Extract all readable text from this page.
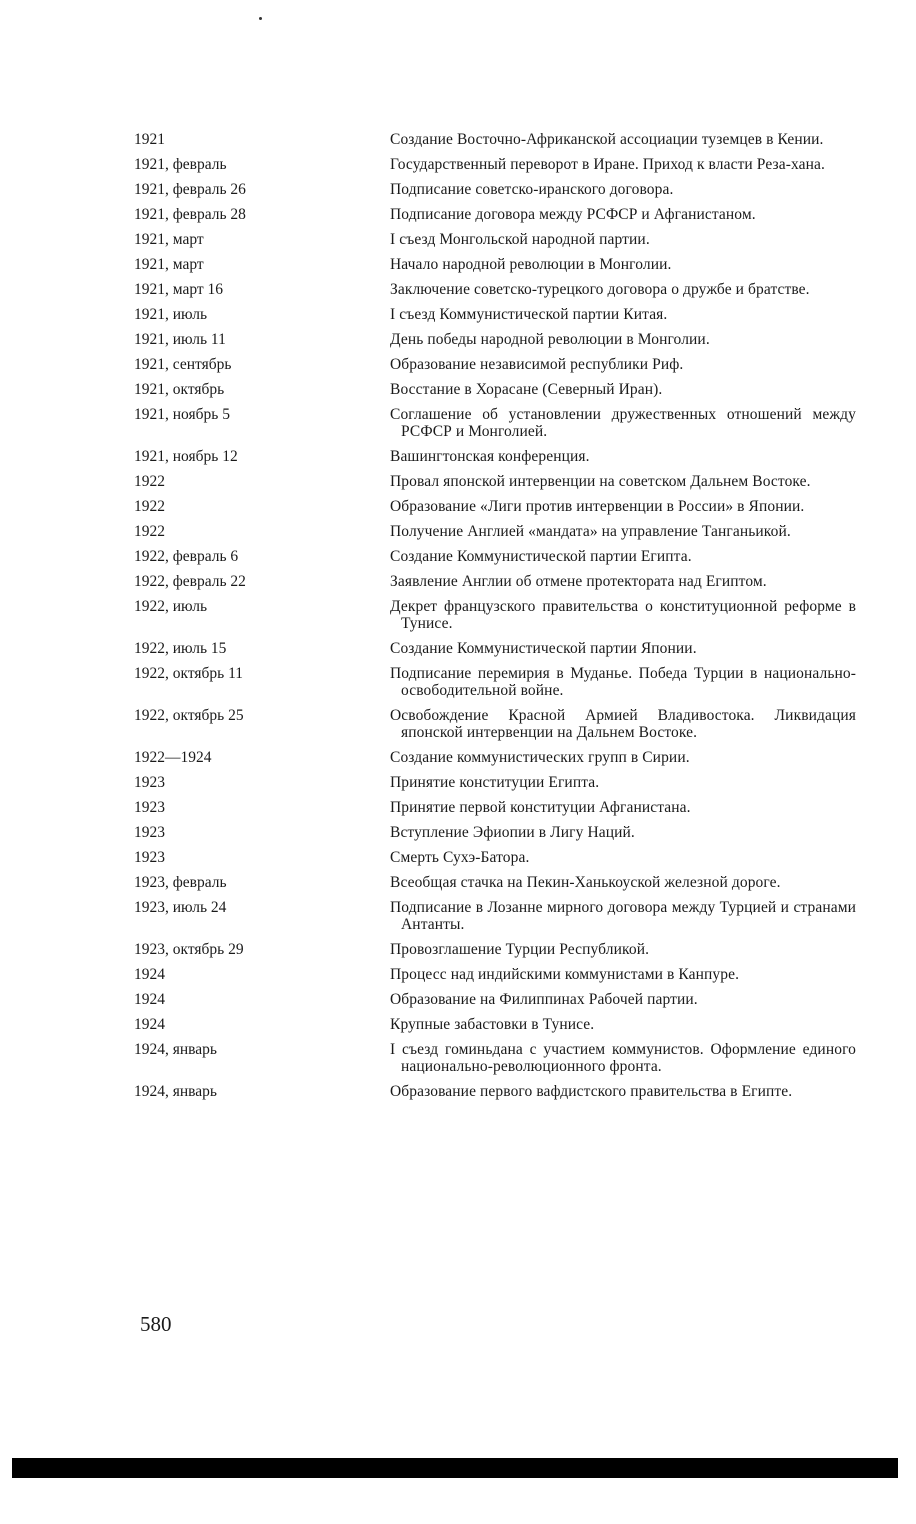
1921	Создание Восточно-Африканской ассоциации туземцев в Кении.
1921, февраль	Государственный переворот в Иране. Приход к власти Реза-хана.
1921, февраль 26	Подписание советско-иранского договора.
1921, февраль 28	Подписание договора между РСФСР и Афганистаном.
1921, март	I съезд Монгольской народной партии.
1921, март	Начало народной революции в Монголии.
1921, март 16	Заключение советско-турецкого договора о дружбе и братстве.
1921, июль	I съезд Коммунистической партии Китая.
1921, июль 11	День победы народной революции в Монголии.
1921, сентябрь	Образование независимой республики Риф.
1921, октябрь	Восстание в Хорасане (Северный Иран).
1921, ноябрь 5	Соглашение об установлении дружественных отношений между РСФСР и Монголией.
1921, ноябрь 12	Вашингтонская конференция.
1922	Провал японской интервенции на советском Дальнем Востоке.
1922	Образование «Лиги против интервенции в России» в Японии.
1922	Получение Англией «мандата» на управление Танганьикой.
1922, февраль 6	Создание Коммунистической партии Египта.
1922, февраль 22	Заявление Англии об отмене протектората над Египтом.
1922, июль	Декрет французского правительства о конституционной реформе в Тунисе.
1922, июль 15	Создание Коммунистической партии Японии.
1922, октябрь 11	Подписание перемирия в Муданье. Победа Турции в национально-освободительной войне.
1922, октябрь 25	Освобождение Красной Армией Владивостока. Ликвидация японской интервенции на Дальнем Востоке.
1922—1924	Создание коммунистических групп в Сирии.
1923	Принятие конституции Египта.
1923	Принятие первой конституции Афганистана.
1923	Вступление Эфиопии в Лигу Наций.
1923	Смерть Сухэ-Батора.
1923, февраль	Всеобщая стачка на Пекин-Ханькоуской железной дороге.
1923, июль 24	Подписание в Лозанне мирного договора между Турцией и странами Антанты.
1923, октябрь 29	Провозглашение Турции Республикой.
1924	Процесс над индийскими коммунистами в Канпуре.
1924	Образование на Филиппинах Рабочей партии.
1924	Крупные забастовки в Тунисе.
1924, январь	I съезд гоминьдана с участием коммунистов. Оформление единого национально-революционного фронта.
1924, январь	Образование первого вафдистского правительства в Египте.
580
